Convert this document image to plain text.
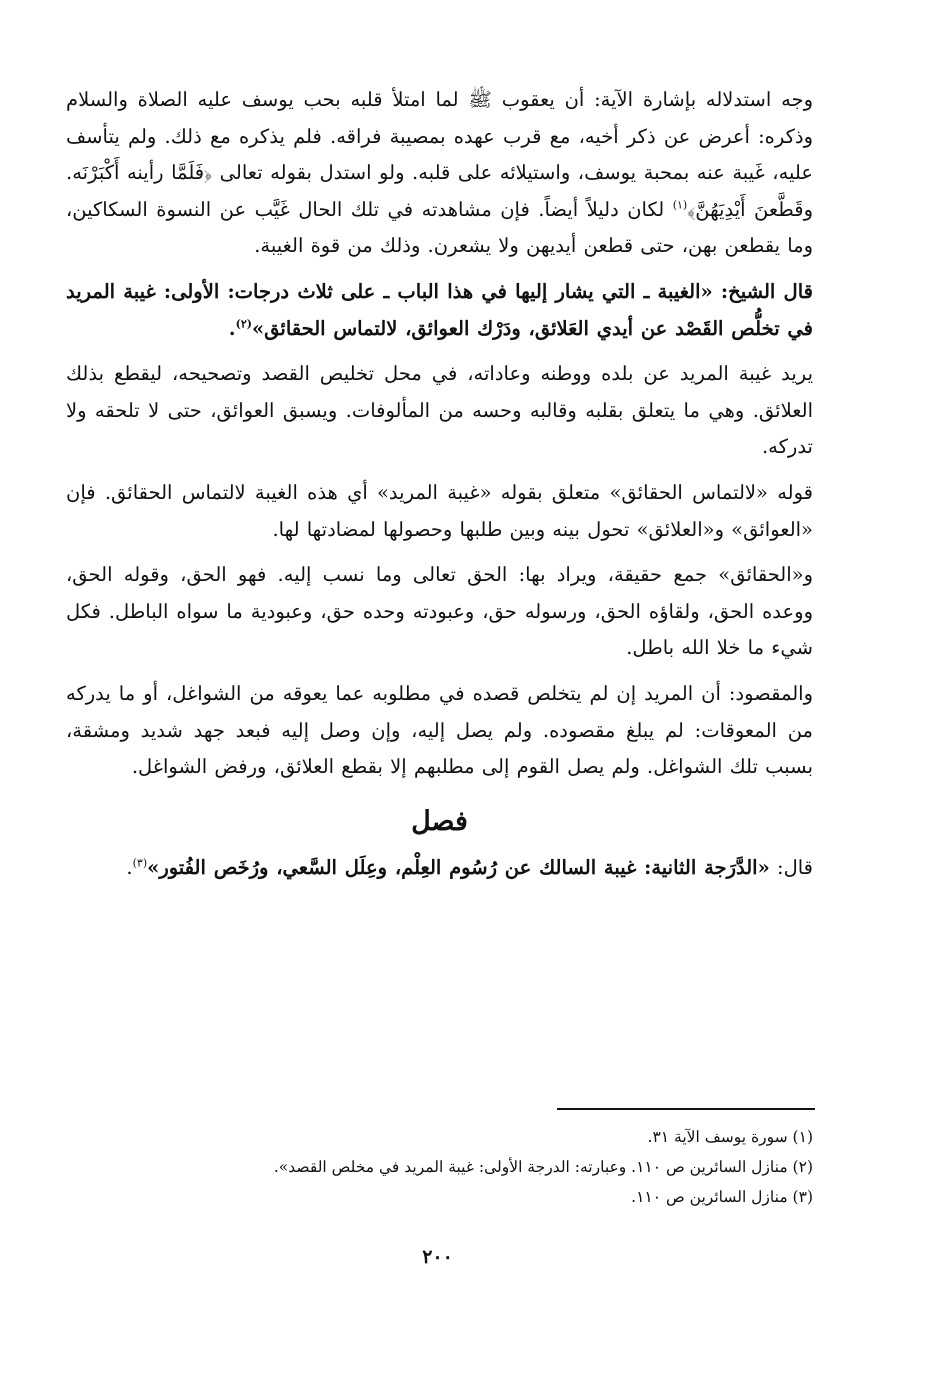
وجه استدلاله بإشارة الآية: أن يعقوب ﷺ لما امتلأ قلبه بحب يوسف عليه الصلاة والسلام وذكره: أعرض عن ذكر أخيه، مع قرب عهده بمصيبة فراقه. فلم يذكره مع ذلك. ولم يتأسف عليه، غَيبة عنه بمحبة يوسف، واستيلائه على قلبه. ولو استدل بقوله تعالى ﴿فَلَمَّا رأينه أَكْبَرْنَه. وقَطَّعنَ أَيْدِيَهُنَّ﴾$^{(١)}$ لكان دليلاً أيضاً. فإن مشاهدته في تلك الحال غَيَّب عن النسوة السكاكين، وما يقطعن بهن، حتى قطعن أيديهن ولا يشعرن. وذلك من قوة الغيبة.

قال الشيخ: «الغيبة ـ التي يشار إليها في هذا الباب ـ على ثلاث درجات: الأولى: غيبة المريد في تخلُّص القَصْد عن أيدي العَلائق، ودَرْك العوائق، لالتماس الحقائق»$^{(٢)}$.

يريد غيبة المريد عن بلده ووطنه وعاداته، في محل تخليص القصد وتصحيحه، ليقطع بذلك العلائق. وهي ما يتعلق بقلبه وقالبه وحسه من المألوفات. ويسبق العوائق، حتى لا تلحقه ولا تدركه.

قوله «لالتماس الحقائق» متعلق بقوله «غيبة المريد» أي هذه الغيبة لالتماس الحقائق. فإن «العوائق» و«العلائق» تحول بينه وبين طلبها وحصولها لمضادتها لها.

و«الحقائق» جمع حقيقة، ويراد بها: الحق تعالى وما نسب إليه. فهو الحق، وقوله الحق، ووعده الحق، ولقاؤه الحق، ورسوله حق، وعبودته وحده حق، وعبودية ما سواه الباطل. فكل شيء ما خلا الله باطل.

والمقصود: أن المريد إن لم يتخلص قصده في مطلوبه عما يعوقه من الشواغل، أو ما يدركه من المعوقات: لم يبلغ مقصوده. ولم يصل إليه، وإن وصل إليه فبعد جهد شديد ومشقة، بسبب تلك الشواغل. ولم يصل القوم إلى مطلبهم إلا بقطع العلائق، ورفض الشواغل.

فصل

قال: «الدَّرَجة الثانية: غيبة السالك عن رُسُوم العِلْم، وعِلَل السَّعي، ورُخَص الفُتور»$^{(٣)}$.

(١) سورة يوسف الآية ٣١.

(٢) منازل السائرين ص ١١٠. وعبارته: الدرجة الأولى: غيبة المريد في مخلص القصد».

(٣) منازل السائرين ص ١١٠.

٢٠٠
